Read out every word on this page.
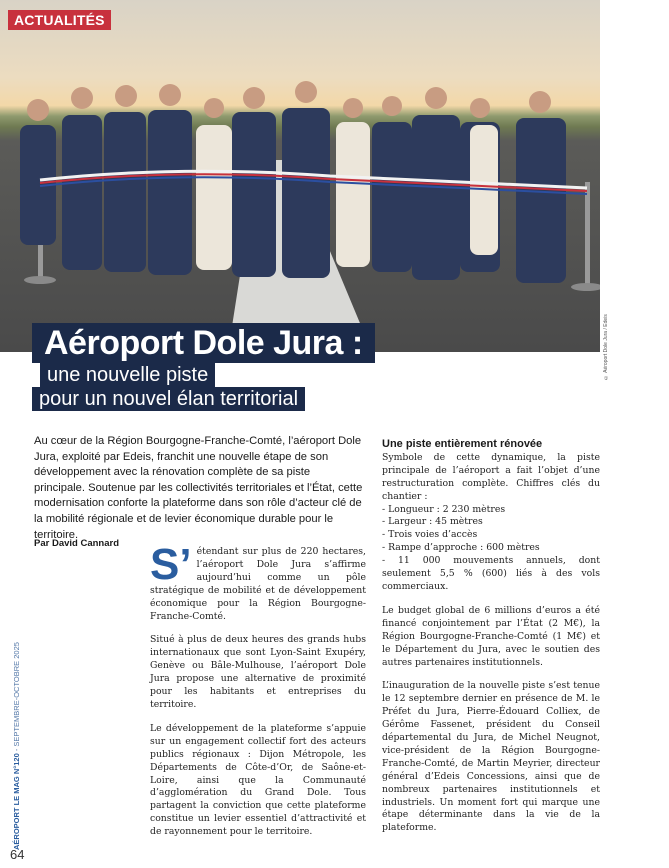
ACTUALITÉS
© Aéroport Dole Jura / Edeis
Aéroport Dole Jura :
une nouvelle piste
pour un nouvel élan territorial
Au cœur de la Région Bourgogne-Franche-Comté, l’aéroport Dole Jura, exploité par Edeis, franchit une nouvelle étape de son développement avec la rénovation complète de sa piste principale. Soutenue par les collectivités territoriales et l’État, cette modernisation conforte la plateforme dans son rôle d’acteur clé de la mobilité régionale et de levier économique durable pour le territoire.
Par David Cannard S’ étendant sur plus de 220 hectares, l’aéroport Dole Jura s’affirme aujourd’hui comme un pôle stratégique de mobilité et de développement économique pour la Région Bourgogne-Franche-Comté.

Situé à plus de deux heures des grands hubs internationaux que sont Lyon-Saint Exupéry, Genève ou Bâle-Mulhouse, l’aéroport Dole Jura propose une alternative de proximité pour les habitants et entreprises du territoire.

Le développement de la plateforme s’appuie sur un engagement collectif fort des acteurs publics régionaux : Dijon Métropole, les Départements de Côte-d’Or, de Saône-et-Loire, ainsi que la Communauté d’agglomération du Grand Dole. Tous partagent la conviction que cette plateforme constitue un levier essentiel d’attractivité et de rayonnement pour le territoire.

Une piste entièrement rénovée

Symbole de cette dynamique, la piste principale de l’aéroport a fait l’objet d’une restructuration complète. Chiffres clés du chantier :

- Longueur : 2 230 mètres
- Largeur : 45 mètres
- Trois voies d’accès
- Rampe d’approche : 600 mètres
- 11 000 mouvements annuels, dont seulement 5,5 % (600) liés à des vols commerciaux.

Le budget global de 6 millions d’euros a été financé conjointement par l’État (2 M€), la Région Bourgogne-Franche-Comté (1 M€) et le Département du Jura, avec le soutien des autres partenaires institutionnels.

L’inauguration de la nouvelle piste s’est tenue le 12 septembre dernier en présence de M. le Préfet du Jura, Pierre-Édouard Colliex, de Gérôme Fassenet, président du Conseil départemental du Jura, de Michel Neugnot, vice-président de la Région Bourgogne-Franche-Comté, de Martin Meyrier, directeur général d’Edeis Concessions, ainsi que de nombreux partenaires institutionnels et industriels. Un moment fort qui marque une étape déterminante dans la vie de la plateforme.

AÉROPORT LE MAG N°120 - SEPTEMBRE-OCTOBRE 2025
64
